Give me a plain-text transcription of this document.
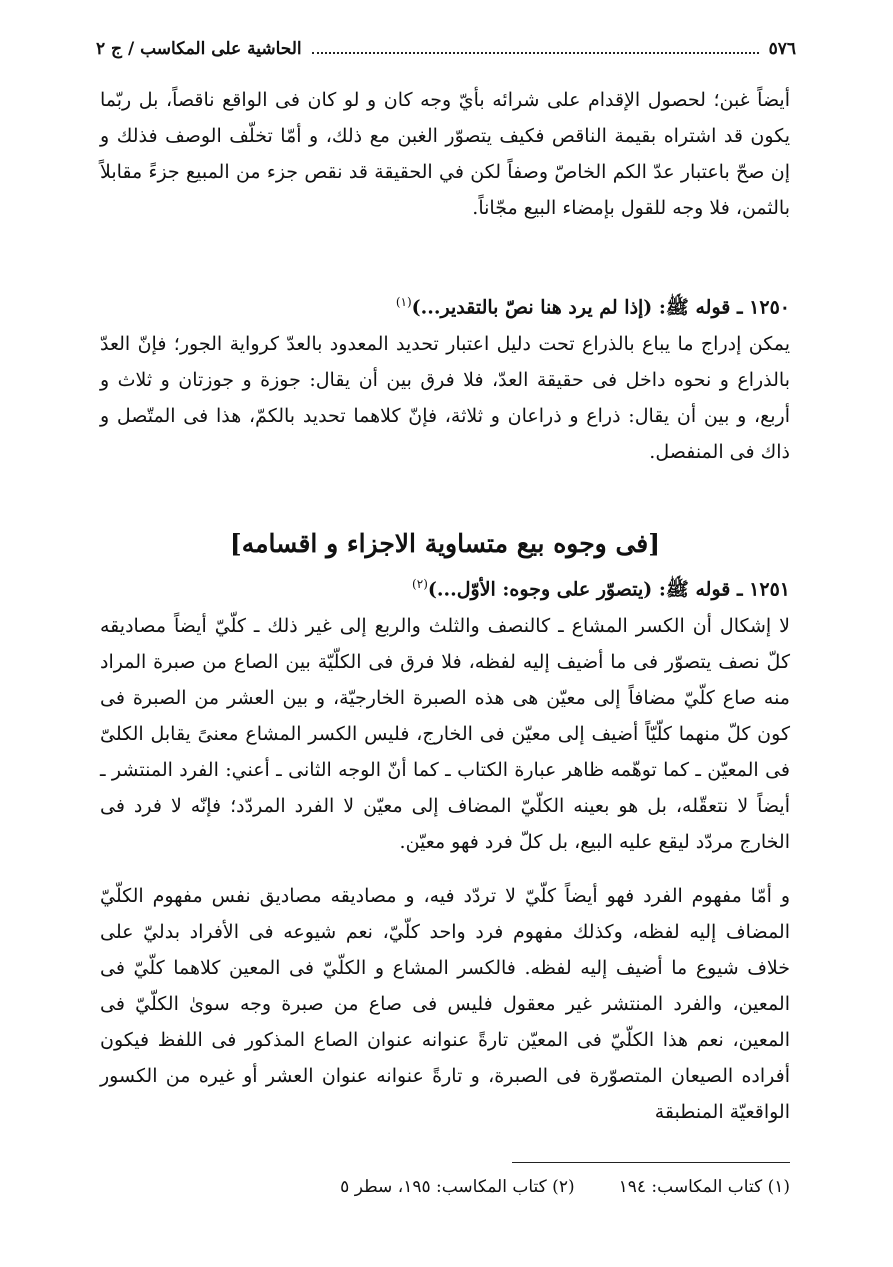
٥٧٦
الحاشية على المكاسب / ج ٢

أيضاً غبن؛ لحصول الإقدام على شرائه بأيّ وجه كان و لو كان فى الواقع ناقصاً، بل ربّما يكون قد اشتراه بقيمة الناقص فكيف يتصوّر الغبن مع ذلك، و أمّا تخلّف الوصف فذلك و إن صحّ باعتبار عدّ الكم الخاصّ وصفاً لكن في الحقيقة قد نقص جزء من المبيع جزءً مقابلاً بالثمن، فلا وجه للقول بإمضاء البيع مجّاناً.

١٢٥٠ ـ قوله ﷺ: (إذا لم يرد هنا نصّ بالتقدير...)$^{(١)}$

يمكن إدراج ما يباع بالذراع تحت دليل اعتبار تحديد المعدود بالعدّ كرواية الجور؛ فإنّ العدّ بالذراع و نحوه داخل فى حقيقة العدّ، فلا فرق بين أن يقال: جوزة و جوزتان و ثلاث و أربع، و بين أن يقال: ذراع و ذراعان و ثلاثة، فإنّ كلاهما تحديد بالكمّ، هذا فى المتّصل و ذاك فى المنفصل.

[فى وجوه بيع متساوية الاجزاء و اقسامه]

١٢٥١ ـ قوله ﷺ: (يتصوّر على وجوه: الأوّل...)$^{(٢)}$

لا إشكال أن الكسر المشاع ـ كالنصف والثلث والربع إلى غير ذلك ـ كلّيّ أيضاً مصاديقه كلّ نصف يتصوّر فى ما أضيف إليه لفظه، فلا فرق فى الكلّيّة بين الصاع من صبرة المراد منه صاع كلّيّ مضافاً إلى معيّن هى هذه الصبرة الخارجيّة، و بين العشر من الصبرة فى كون كلّ منهما كلّيّاً أضيف إلى معيّن فى الخارج، فليس الكسر المشاع معنىً يقابل الكلىّ فى المعيّن ـ كما توهّمه ظاهر عبارة الكتاب ـ كما أنّ الوجه الثانى ـ أعني: الفرد المنتشر ـ أيضاً لا نتعقّله، بل هو بعينه الكلّيّ المضاف إلى معيّن لا الفرد المردّد؛ فإنّه لا فرد فى الخارج مردّد ليقع عليه البيع، بل كلّ فرد فهو معيّن.

و أمّا مفهوم الفرد فهو أيضاً كلّيّ لا تردّد فيه، و مصاديقه مصاديق نفس مفهوم الكلّيّ المضاف إليه لفظه، وكذلك مفهوم فرد واحد كلّيّ، نعم شيوعه فى الأفراد بدليّ على خلاف شيوع ما أضيف إليه لفظه. فالكسر المشاع و الكلّيّ فى المعين كلاهما كلّيّ فى المعين، والفرد المنتشر غير معقول فليس فى صاع من صبرة وجه سوىٰ الكلّيّ فى المعين، نعم هذا الكلّيّ فى المعيّن تارةً عنوانه عنوان الصاع المذكور فى اللفظ فيكون أفراده الصيعان المتصوّرة فى الصبرة، و تارةً عنوانه عنوان العشر أو غيره من الكسور الواقعيّة المنطبقة

(١) كتاب المكاسب: ١٩٤
(٢) كتاب المكاسب: ١٩٥، سطر ٥
